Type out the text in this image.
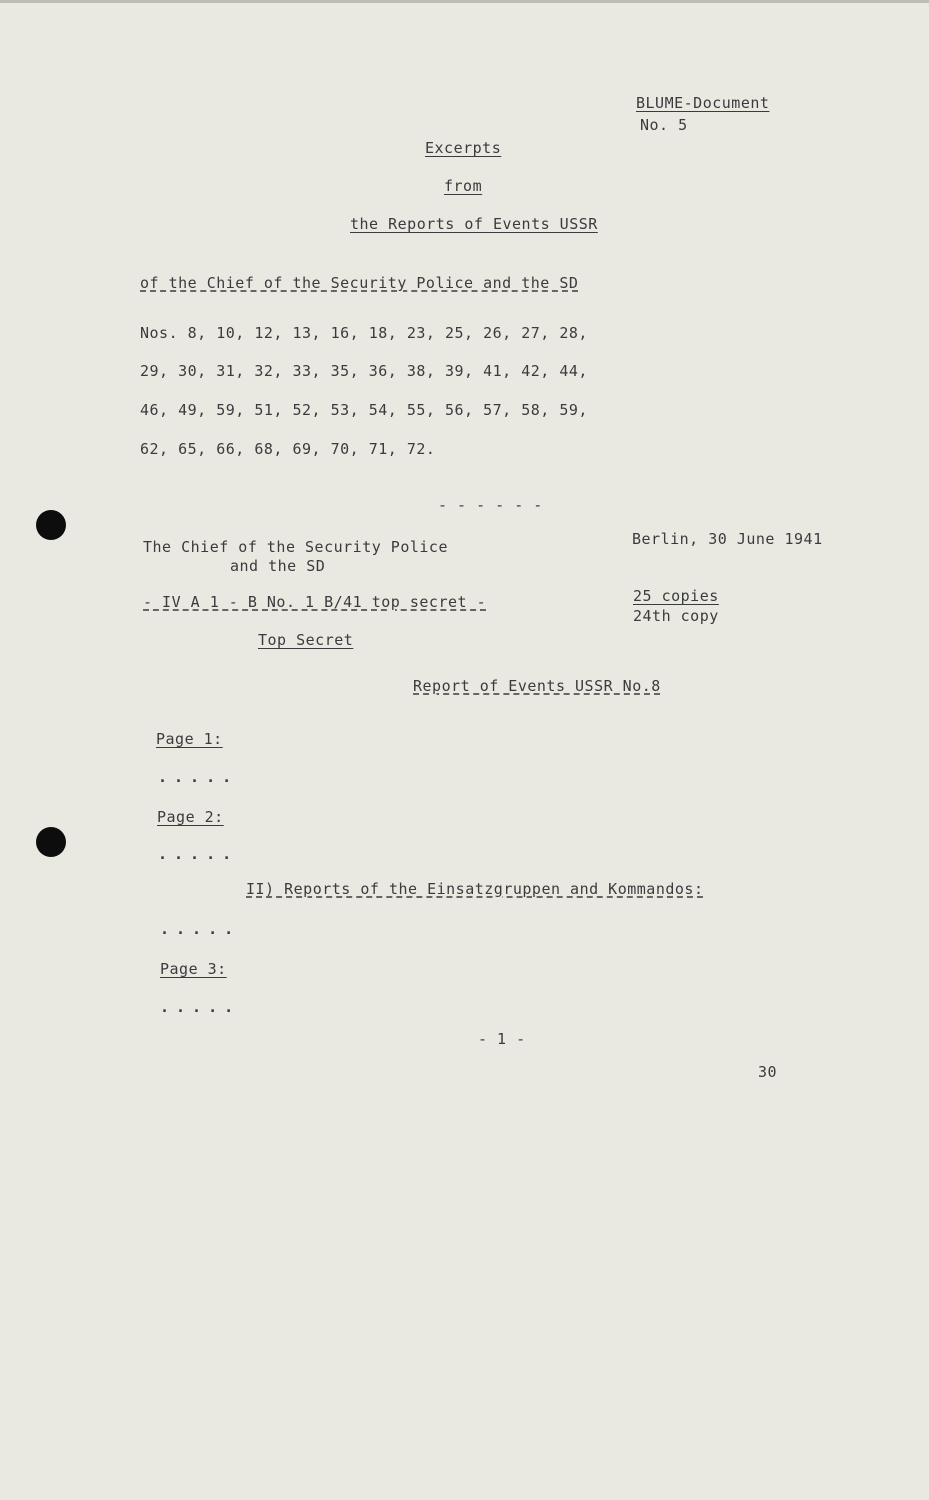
BLUME-Document
No. 5
Excerpts
from
the Reports of Events USSR
of the Chief of the Security Police and the SD
Nos. 8, 10, 12, 13, 16, 18, 23, 25, 26, 27, 28,
29, 30, 31, 32, 33, 35, 36, 38, 39, 41, 42, 44,
46, 49, 59, 51, 52, 53, 54, 55, 56, 57, 58, 59,
62, 65, 66, 68, 69, 70, 71, 72.
- - - - - -
The Chief of the Security Police
and the SD
Berlin, 30 June 1941
- IV A 1 - B No. 1 B/41 top secret -	25 copies
24th copy
Top Secret
Report of Events USSR No.8
Page 1:
.....
Page 2:
.....
II) Reports of the Einsatzgruppen and Kommandos:
.....
Page 3:
.....
- 1 -
30
